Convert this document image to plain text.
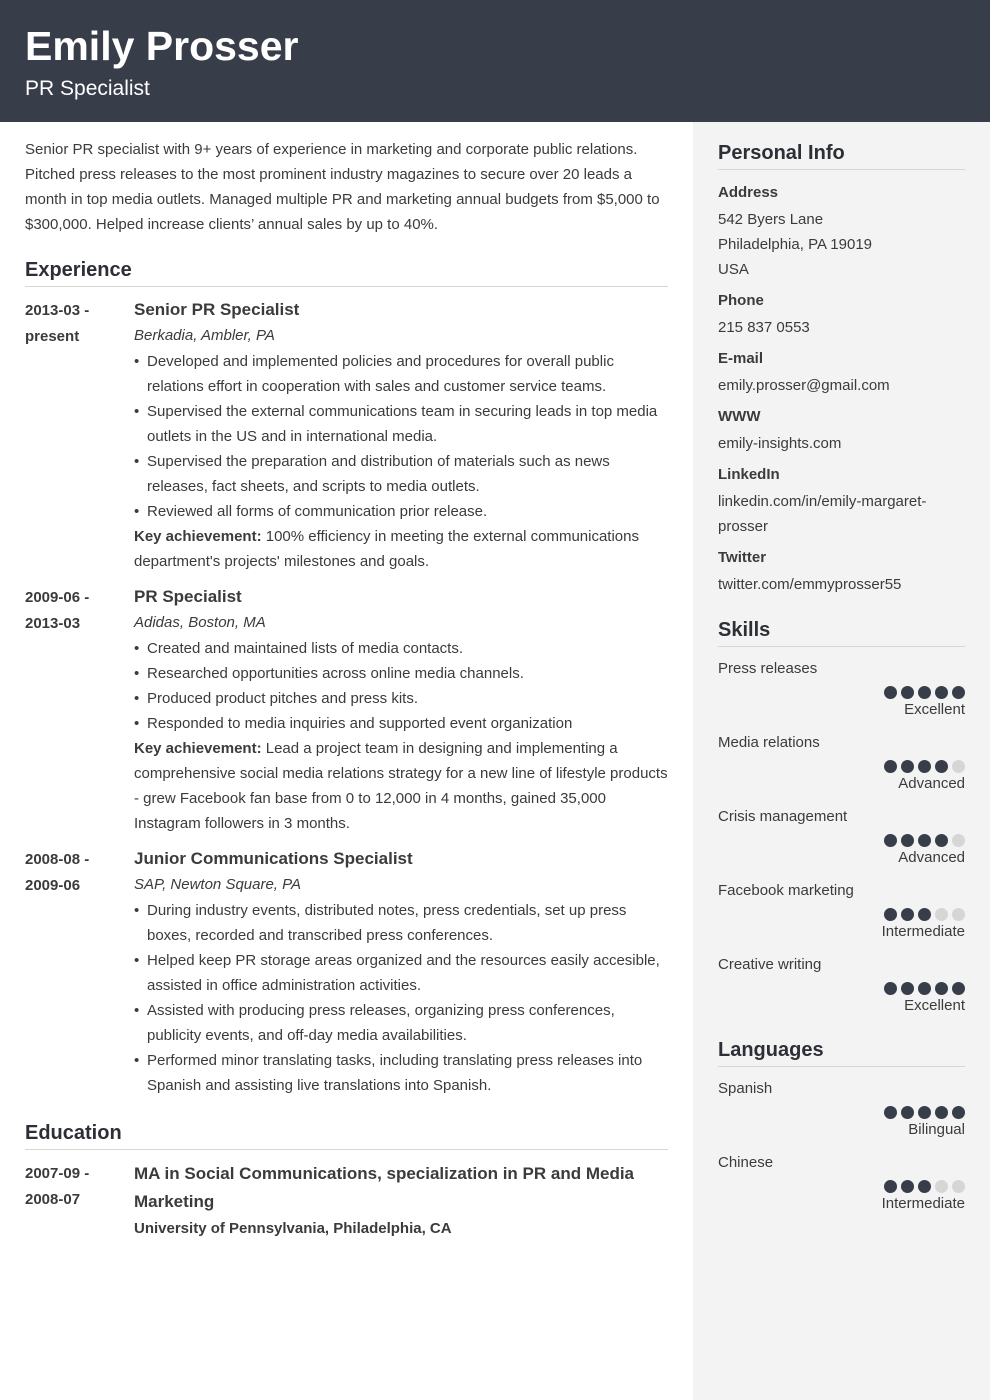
Emily Prosser
PR Specialist

Senior PR specialist with 9+ years of experience in marketing and corporate public relations. Pitched press releases to the most prominent industry magazines to secure over 20 leads a month in top media outlets. Managed multiple PR and marketing annual budgets from $5,000 to $300,000. Helped increase clients’ annual sales by up to 40%.

Experience
2013-03 -
present
Senior PR Specialist
Berkadia, Ambler, PA
• Developed and implemented policies and procedures for overall public relations effort in cooperation with sales and customer service teams.
• Supervised the external communications team in securing leads in top media outlets in the US and in international media.
• Supervised the preparation and distribution of materials such as news releases, fact sheets, and scripts to media outlets.
• Reviewed all forms of communication prior release.
Key achievement: 100% efficiency in meeting the external communications department's projects' milestones and goals.
2009-06 -
2013-03
PR Specialist
Adidas, Boston, MA
• Created and maintained lists of media contacts.
• Researched opportunities across online media channels.
• Produced product pitches and press kits.
• Responded to media inquiries and supported event organization
Key achievement: Lead a project team in designing and implementing a comprehensive social media relations strategy for a new line of lifestyle products - grew Facebook fan base from 0 to 12,000 in 4 months, gained 35,000 Instagram followers in 3 months.
2008-08 -
2009-06
Junior Communications Specialist
SAP, Newton Square, PA
• During industry events, distributed notes, press credentials, set up press boxes, recorded and transcribed press conferences.
• Helped keep PR storage areas organized and the resources easily accesible, assisted in office administration activities.
• Assisted with producing press releases, organizing press conferences, publicity events, and off-day media availabilities.
• Performed minor translating tasks, including translating press releases into Spanish and assisting live translations into Spanish.
Education
2007-09 -
2008-07
MA in Social Communications, specialization in PR and Media Marketing
University of Pennsylvania, Philadelphia, CA
Personal Info
Address
542 Byers Lane
Philadelphia, PA 19019
USA
Phone
215 837 0553
E-mail
emily.prosser@gmail.com
WWW
emily-insights.com
LinkedIn
linkedin.com/in/emily-margaret-prosser
Twitter
twitter.com/emmyprosser55
Skills
Press releases
Excellent
Media relations
Advanced
Crisis management
Advanced
Facebook marketing
Intermediate
Creative writing
Excellent
Languages
Spanish
Bilingual
Chinese
Intermediate
